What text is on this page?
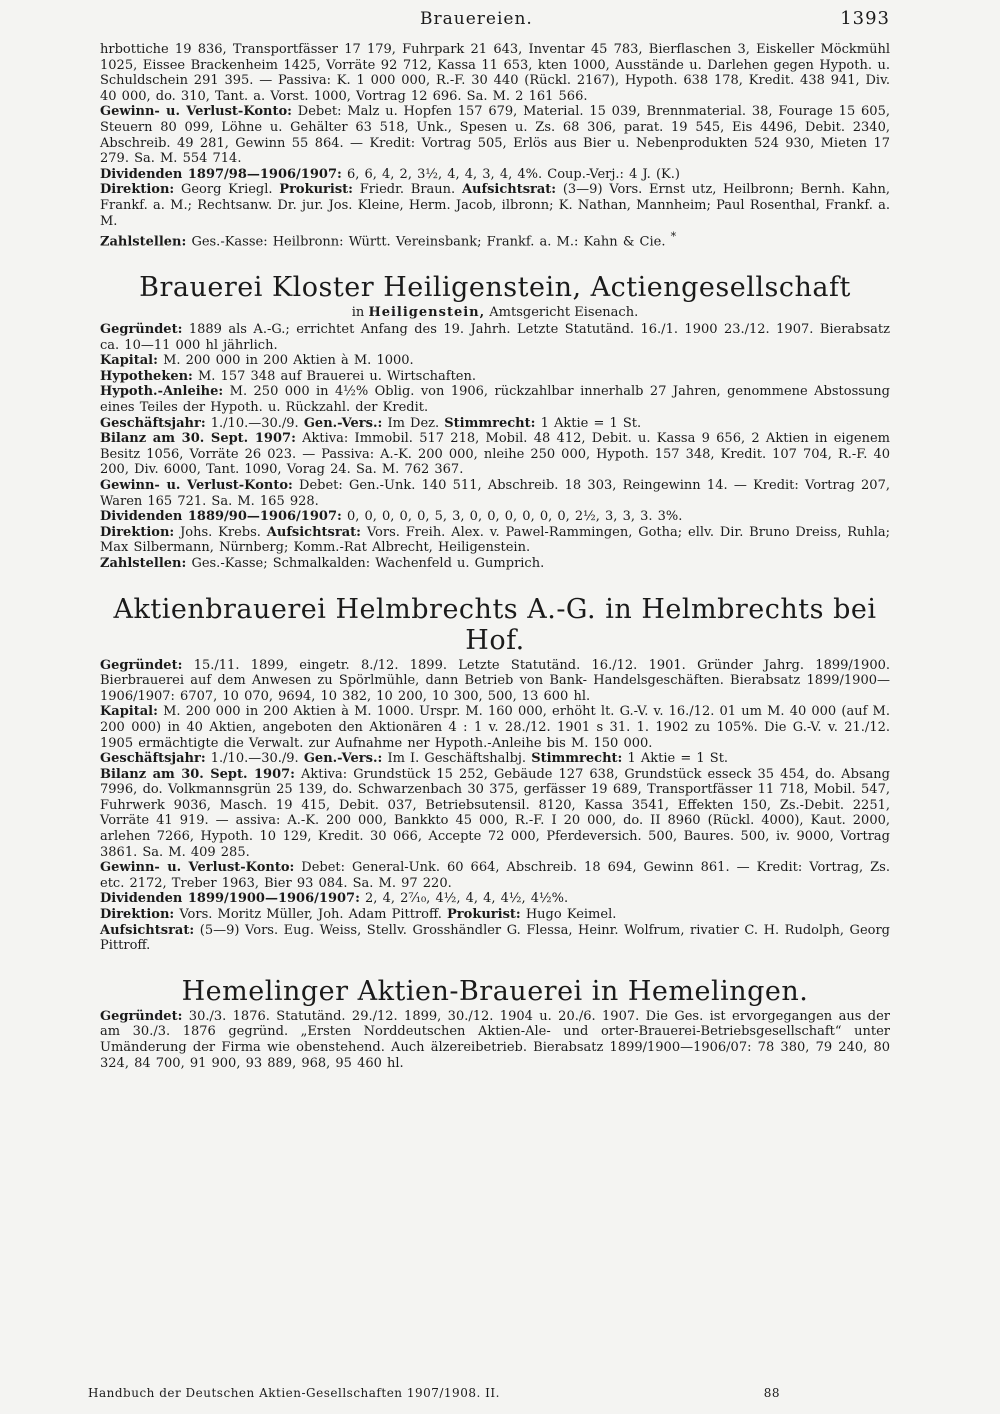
Brauereien.	1393

hrbottiche 19 836, Transportfässer 17 179, Fuhrpark 21 643, Inventar 45 783, Bierflaschen 3, Eiskeller Möckmühl 1025, Eissee Brackenheim 1425, Vorräte 92 712, Kassa 11 653, kten 1000, Ausstände u. Darlehen gegen Hypoth. u. Schuldschein 291 395. — Passiva: K. 1 000 000, R.-F. 30 440 (Rückl. 2167), Hypoth. 638 178, Kredit. 438 941, Div. 40 000, do. 310, Tant. a. Vorst. 1000, Vortrag 12 696. Sa. M. 2 161 566.

Gewinn- u. Verlust-Konto: Debet: Malz u. Hopfen 157 679, Material. 15 039, Brennmaterial. 38, Fourage 15 605, Steuern 80 099, Löhne u. Gehälter 63 518, Unk., Spesen u. Zs. 68 306, parat. 19 545, Eis 4496, Debit. 2340, Abschreib. 49 281, Gewinn 55 864. — Kredit: Vortrag 505, Erlös aus Bier u. Nebenprodukten 524 930, Mieten 17 279. Sa. M. 554 714.

Dividenden 1897/98—1906/1907: 6, 6, 4, 2, 3½, 4, 4, 3, 4, 4%. Coup.-Verj.: 4 J. (K.)

Direktion: Georg Kriegl. Prokurist: Friedr. Braun. Aufsichtsrat: (3—9) Vors. Ernst utz, Heilbronn; Bernh. Kahn, Frankf. a. M.; Rechtsanw. Dr. jur. Jos. Kleine, Herm. Jacob, ilbronn; K. Nathan, Mannheim; Paul Rosenthal, Frankf. a. M.

Zahlstellen: Ges.-Kasse: Heilbronn: Württ. Vereinsbank; Frankf. a. M.: Kahn & Cie. *

Brauerei Kloster Heiligenstein, Actiengesellschaft

in Heiligenstein, Amtsgericht Eisenach.

Gegründet: 1889 als A.-G.; errichtet Anfang des 19. Jahrh. Letzte Statutänd. 16./1. 1900 23./12. 1907. Bierabsatz ca. 10—11 000 hl jährlich.

Kapital: M. 200 000 in 200 Aktien à M. 1000.

Hypotheken: M. 157 348 auf Brauerei u. Wirtschaften.

Hypoth.-Anleihe: M. 250 000 in 4½% Oblig. von 1906, rückzahlbar innerhalb 27 Jahren, genommene Abstossung eines Teiles der Hypoth. u. Rückzahl. der Kredit.

Geschäftsjahr: 1./10.—30./9. Gen.-Vers.: Im Dez. Stimmrecht: 1 Aktie = 1 St.

Bilanz am 30. Sept. 1907: Aktiva: Immobil. 517 218, Mobil. 48 412, Debit. u. Kassa 9 656, 2 Aktien in eigenem Besitz 1056, Vorräte 26 023. — Passiva: A.-K. 200 000, nleihe 250 000, Hypoth. 157 348, Kredit. 107 704, R.-F. 40 200, Div. 6000, Tant. 1090, Vorag 24. Sa. M. 762 367.

Gewinn- u. Verlust-Konto: Debet: Gen.-Unk. 140 511, Abschreib. 18 303, Reingewinn 14. — Kredit: Vortrag 207, Waren 165 721. Sa. M. 165 928.

Dividenden 1889/90—1906/1907: 0, 0, 0, 0, 0, 5, 3, 0, 0, 0, 0, 0, 0, 2½, 3, 3, 3. 3%.

Direktion: Johs. Krebs. Aufsichtsrat: Vors. Freih. Alex. v. Pawel-Rammingen, Gotha; ellv. Dir. Bruno Dreiss, Ruhla; Max Silbermann, Nürnberg; Komm.-Rat Albrecht, Heiligenstein.

Zahlstellen: Ges.-Kasse; Schmalkalden: Wachenfeld u. Gumprich.

Aktienbrauerei Helmbrechts A.-G. in Helmbrechts bei Hof.

Gegründet: 15./11. 1899, eingetr. 8./12. 1899. Letzte Statutänd. 16./12. 1901. Gründer Jahrg. 1899/1900. Bierbrauerei auf dem Anwesen zu Spörlmühle, dann Betrieb von Bank- Handelsgeschäften. Bierabsatz 1899/1900—1906/1907: 6707, 10 070, 9694, 10 382, 10 200, 10 300, 500, 13 600 hl.

Kapital: M. 200 000 in 200 Aktien à M. 1000. Urspr. M. 160 000, erhöht lt. G.-V. v. 16./12. 01 um M. 40 000 (auf M. 200 000) in 40 Aktien, angeboten den Aktionären 4 : 1 v. 28./12. 1901 s 31. 1. 1902 zu 105%. Die G.-V. v. 21./12. 1905 ermächtigte die Verwalt. zur Aufnahme ner Hypoth.-Anleihe bis M. 150 000.

Geschäftsjahr: 1./10.—30./9. Gen.-Vers.: Im I. Geschäftshalbj. Stimmrecht: 1 Aktie = 1 St.

Bilanz am 30. Sept. 1907: Aktiva: Grundstück 15 252, Gebäude 127 638, Grundstück esseck 35 454, do. Absang 7996, do. Volkmannsgrün 25 139, do. Schwarzenbach 30 375, gerfässer 19 689, Transportfässer 11 718, Mobil. 547, Fuhrwerk 9036, Masch. 19 415, Debit. 037, Betriebsutensil. 8120, Kassa 3541, Effekten 150, Zs.-Debit. 2251, Vorräte 41 919. — assiva: A.-K. 200 000, Bankkto 45 000, R.-F. I 20 000, do. II 8960 (Rückl. 4000), Kaut. 2000, arlehen 7266, Hypoth. 10 129, Kredit. 30 066, Accepte 72 000, Pferdeversich. 500, Baures. 500, iv. 9000, Vortrag 3861. Sa. M. 409 285.

Gewinn- u. Verlust-Konto: Debet: General-Unk. 60 664, Abschreib. 18 694, Gewinn 861. — Kredit: Vortrag, Zs. etc. 2172, Treber 1963, Bier 93 084. Sa. M. 97 220.

Dividenden 1899/1900—1906/1907: 2, 4, 2⁷⁄₁₀, 4½, 4, 4, 4½, 4½%.

Direktion: Vors. Moritz Müller, Joh. Adam Pittroff. Prokurist: Hugo Keimel.

Aufsichtsrat: (5—9) Vors. Eug. Weiss, Stellv. Grosshändler G. Flessa, Heinr. Wolfrum, rivatier C. H. Rudolph, Georg Pittroff.

Hemelinger Aktien-Brauerei in Hemelingen.

Gegründet: 30./3. 1876. Statutänd. 29./12. 1899, 30./12. 1904 u. 20./6. 1907. Die Ges. ist ervorgegangen aus der am 30./3. 1876 gegründ. „Ersten Norddeutschen Aktien-Ale- und orter-Brauerei-Betriebsgesellschaft“ unter Umänderung der Firma wie obenstehend. Auch älzereibetrieb. Bierabsatz 1899/1900—1906/07: 78 380, 79 240, 80 324, 84 700, 91 900, 93 889, 968, 95 460 hl.

Handbuch der Deutschen Aktien-Gesellschaften 1907/1908. II.	88
